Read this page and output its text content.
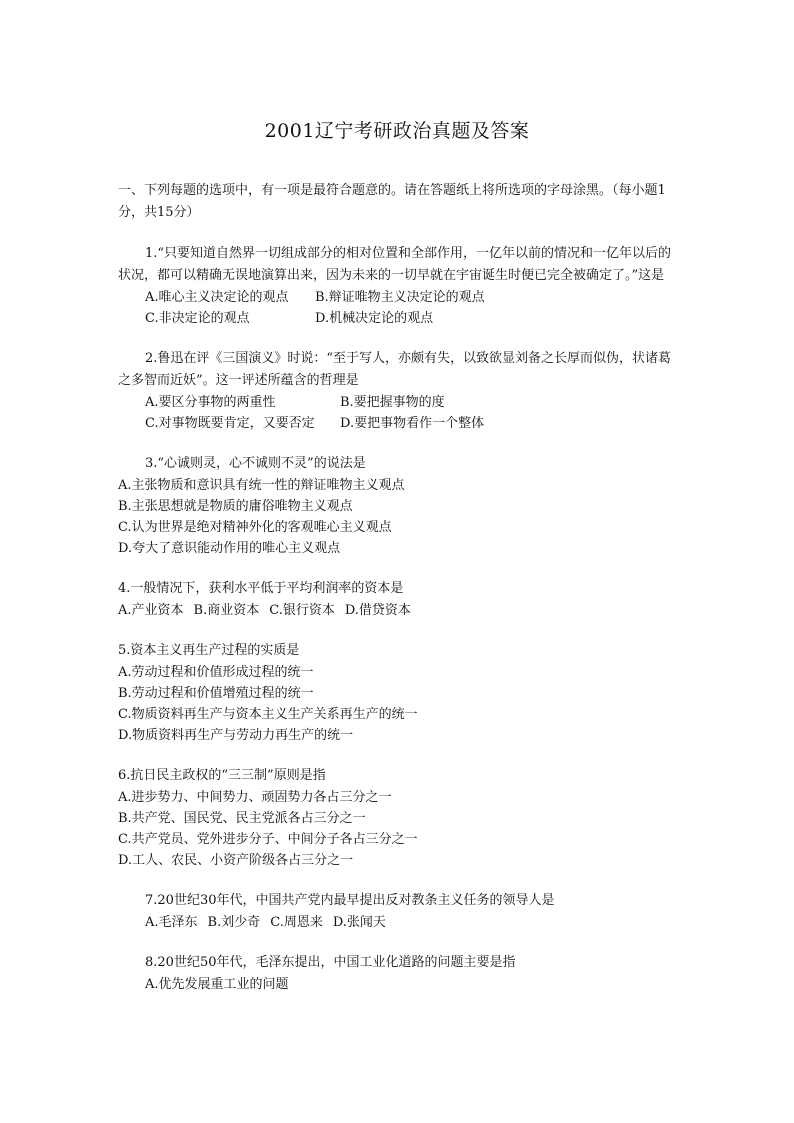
2001辽宁考研政治真题及答案

一、下列每题的选项中，有一项是最符合题意的。请在答题纸上将所选项的字母涂黑。（每小题1分，共15分）

1.“只要知道自然界一切组成部分的相对位置和全部作用，一亿年以前的情况和一亿年以后的状况，都可以精确无误地演算出来，因为未来的一切早就在宇宙诞生时便已完全被确定了。”这是

A.唯心主义决定论的观点 B.辩证唯物主义决定论的观点
C.非决定论的观点	D.机械决定论的观点

2.鲁迅在评《三国演义》时说：“至于写人，亦颇有失，以致欲显刘备之长厚而似伪，状诸葛之多智而近妖”。这一评述所蕴含的哲理是

A.要区分事物的两重性	B.要把握事物的度
C.对事物既要肯定，又要否定 D.要把事物看作一个整体

3.“心诚则灵，心不诚则不灵”的说法是

A.主张物质和意识具有统一性的辩证唯物主义观点
B.主张思想就是物质的庸俗唯物主义观点
C.认为世界是绝对精神外化的客观唯心主义观点
D.夸大了意识能动作用的唯心主义观点

4.一般情况下，获利水平低于平均利润率的资本是

A.产业资本 B.商业资本 C.银行资本 D.借贷资本

5.资本主义再生产过程的实质是

A.劳动过程和价值形成过程的统一
B.劳动过程和价值增殖过程的统一
C.物质资料再生产与资本主义生产关系再生产的统一
D.物质资料再生产与劳动力再生产的统一

6.抗日民主政权的“三三制”原则是指

A.进步势力、中间势力、顽固势力各占三分之一
B.共产党、国民党、民主党派各占三分之一
C.共产党员、党外进步分子、中间分子各占三分之一
D.工人、农民、小资产阶级各占三分之一

7.20世纪30年代，中国共产党内最早提出反对教条主义任务的领导人是

A.毛泽东 B.刘少奇 C.周恩来 D.张闻天

8.20世纪50年代，毛泽东提出，中国工业化道路的问题主要是指

A.优先发展重工业的问题
